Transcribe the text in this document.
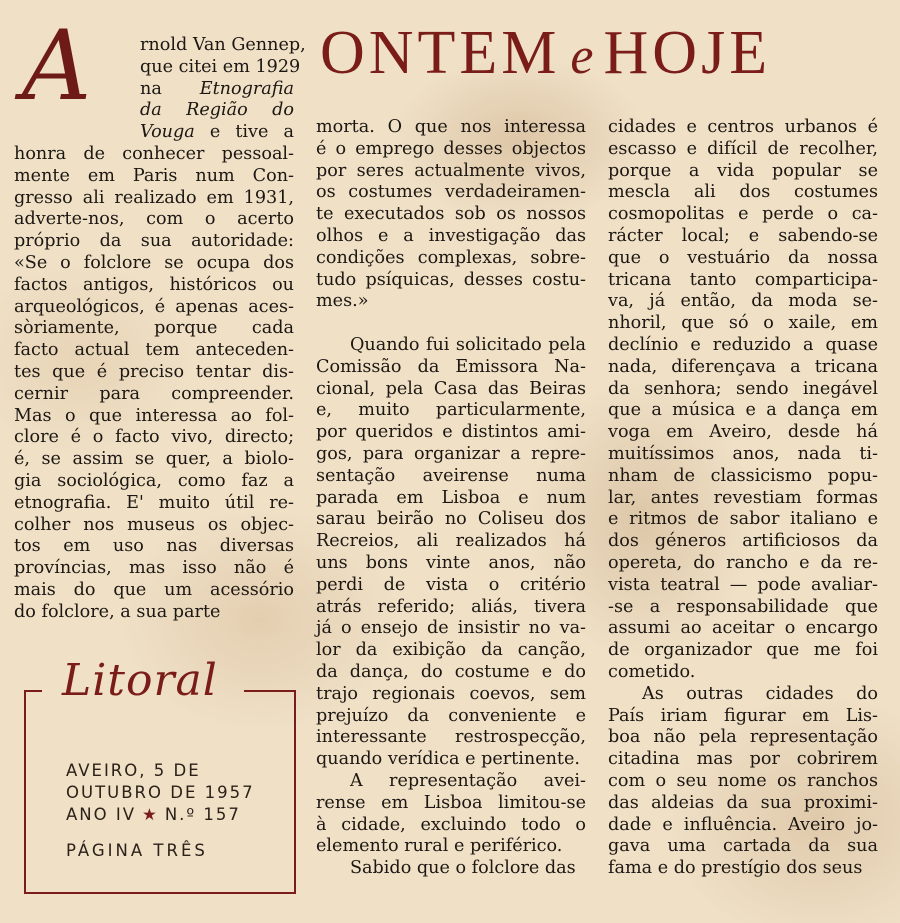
ONTEM e HOJE
A	rnold Van Gennep,
que citei em 1929
na Etnografia
da Região do
Vouga e tive a
honra de conhecer pessoal-
mente em Paris num Con-
gresso ali realizado em 1931,
adverte-nos, com o acerto
próprio da sua autoridade:
«Se o folclore se ocupa dos
factos antigos, históricos ou
arqueológicos, é apenas aces-
sòriamente, porque cada
facto actual tem anteceden-
tes que é preciso tentar dis-
cernir para compreender.
Mas o que interessa ao fol-
clore é o facto vivo, directo;
é, se assim se quer, a biolo-
gia sociológica, como faz a
etnografia. E' muito útil re-
colher nos museus os objec-
tos em uso nas diversas
províncias, mas isso não é
mais do que um acessório
do folclore, a sua parte
morta. O que nos interessa
é o emprego desses objectos
por seres actualmente vivos,
os costumes verdadeiramen-
te executados sob os nossos
olhos e a investigação das
condições complexas, sobre-
tudo psíquicas, desses costu-
mes.»

Quando fui solicitado pela
Comissão da Emissora Na-
cional, pela Casa das Beiras
e, muito particularmente,
por queridos e distintos ami-
gos, para organizar a repre-
sentação aveirense numa
parada em Lisboa e num
sarau beirão no Coliseu dos
Recreios, ali realizados há
uns bons vinte anos, não
perdi de vista o critério
atrás referido; aliás, tivera
já o ensejo de insistir no va-
lor da exibição da canção,
da dança, do costume e do
trajo regionais coevos, sem
prejuízo da conveniente e
interessante restrospecção,
quando verídica e pertinente.
A representação avei-
rense em Lisboa limitou-se
à cidade, excluindo todo o
elemento rural e periférico.
Sabido que o folclore das
cidades e centros urbanos é
escasso e difícil de recolher,
porque a vida popular se
mescla ali dos costumes
cosmopolitas e perde o ca-
rácter local; e sabendo-se
que o vestuário da nossa
tricana tanto comparticipa-
va, já então, da moda se-
nhoril, que só o xaile, em
declínio e reduzido a quase
nada, diferençava a tricana
da senhora; sendo inegável
que a música e a dança em
voga em Aveiro, desde há
muitíssimos anos, nada ti-
nham de classicismo popu-
lar, antes revestiam formas
e ritmos de sabor italiano e
dos géneros artificiosos da
opereta, do rancho e da re-
vista teatral — pode avaliar-
-se a responsabilidade que
assumi ao aceitar o encargo
de organizador que me foi
cometido.
As outras cidades do
País iriam figurar em Lis-
boa não pela representação
citadina mas por cobrirem
com o seu nome os ranchos
das aldeias da sua proximi-
dade e influência. Aveiro jo-
gava uma cartada da sua
fama e do prestígio dos seus
Litoral
AVEIRO, 5 DE
OUTUBRO DE 1957
ANO IV ★ N.º 157
PÁGINA TRÊS
